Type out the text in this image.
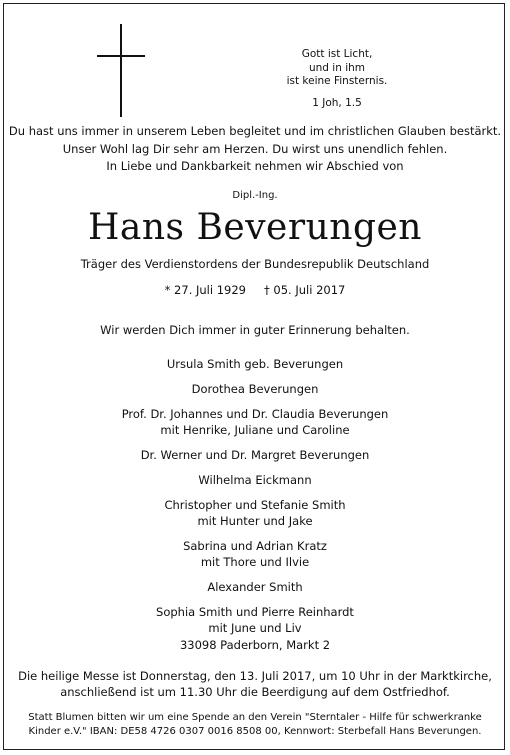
Gott ist Licht,
und in ihm
ist keine Finsternis.
1 Joh, 1.5
Du hast uns immer in unserem Leben begleitet und im christlichen Glauben bestärkt.
Unser Wohl lag Dir sehr am Herzen. Du wirst uns unendlich fehlen.
In Liebe und Dankbarkeit nehmen wir Abschied von
Dipl.-Ing.
Hans Beverungen
Träger des Verdienstordens der Bundesrepublik Deutschland
* 27. Juli 1929 † 05. Juli 2017
Wir werden Dich immer in guter Erinnerung behalten.
Ursula Smith geb. Beverungen
Dorothea Beverungen
Prof. Dr. Johannes und Dr. Claudia Beverungen
mit Henrike, Juliane und Caroline
Dr. Werner und Dr. Margret Beverungen
Wilhelma Eickmann
Christopher und Stefanie Smith
mit Hunter und Jake
Sabrina und Adrian Kratz
mit Thore und Ilvie
Alexander Smith
Sophia Smith und Pierre Reinhardt
mit June und Liv
33098 Paderborn, Markt 2
Die heilige Messe ist Donnerstag, den 13. Juli 2017, um 10 Uhr in der Marktkirche,
anschließend ist um 11.30 Uhr die Beerdigung auf dem Ostfriedhof.
Statt Blumen bitten wir um eine Spende an den Verein "Sterntaler - Hilfe für schwerkranke
Kinder e.V." IBAN: DE58 4726 0307 0016 8508 00, Kennwort: Sterbefall Hans Beverungen.
